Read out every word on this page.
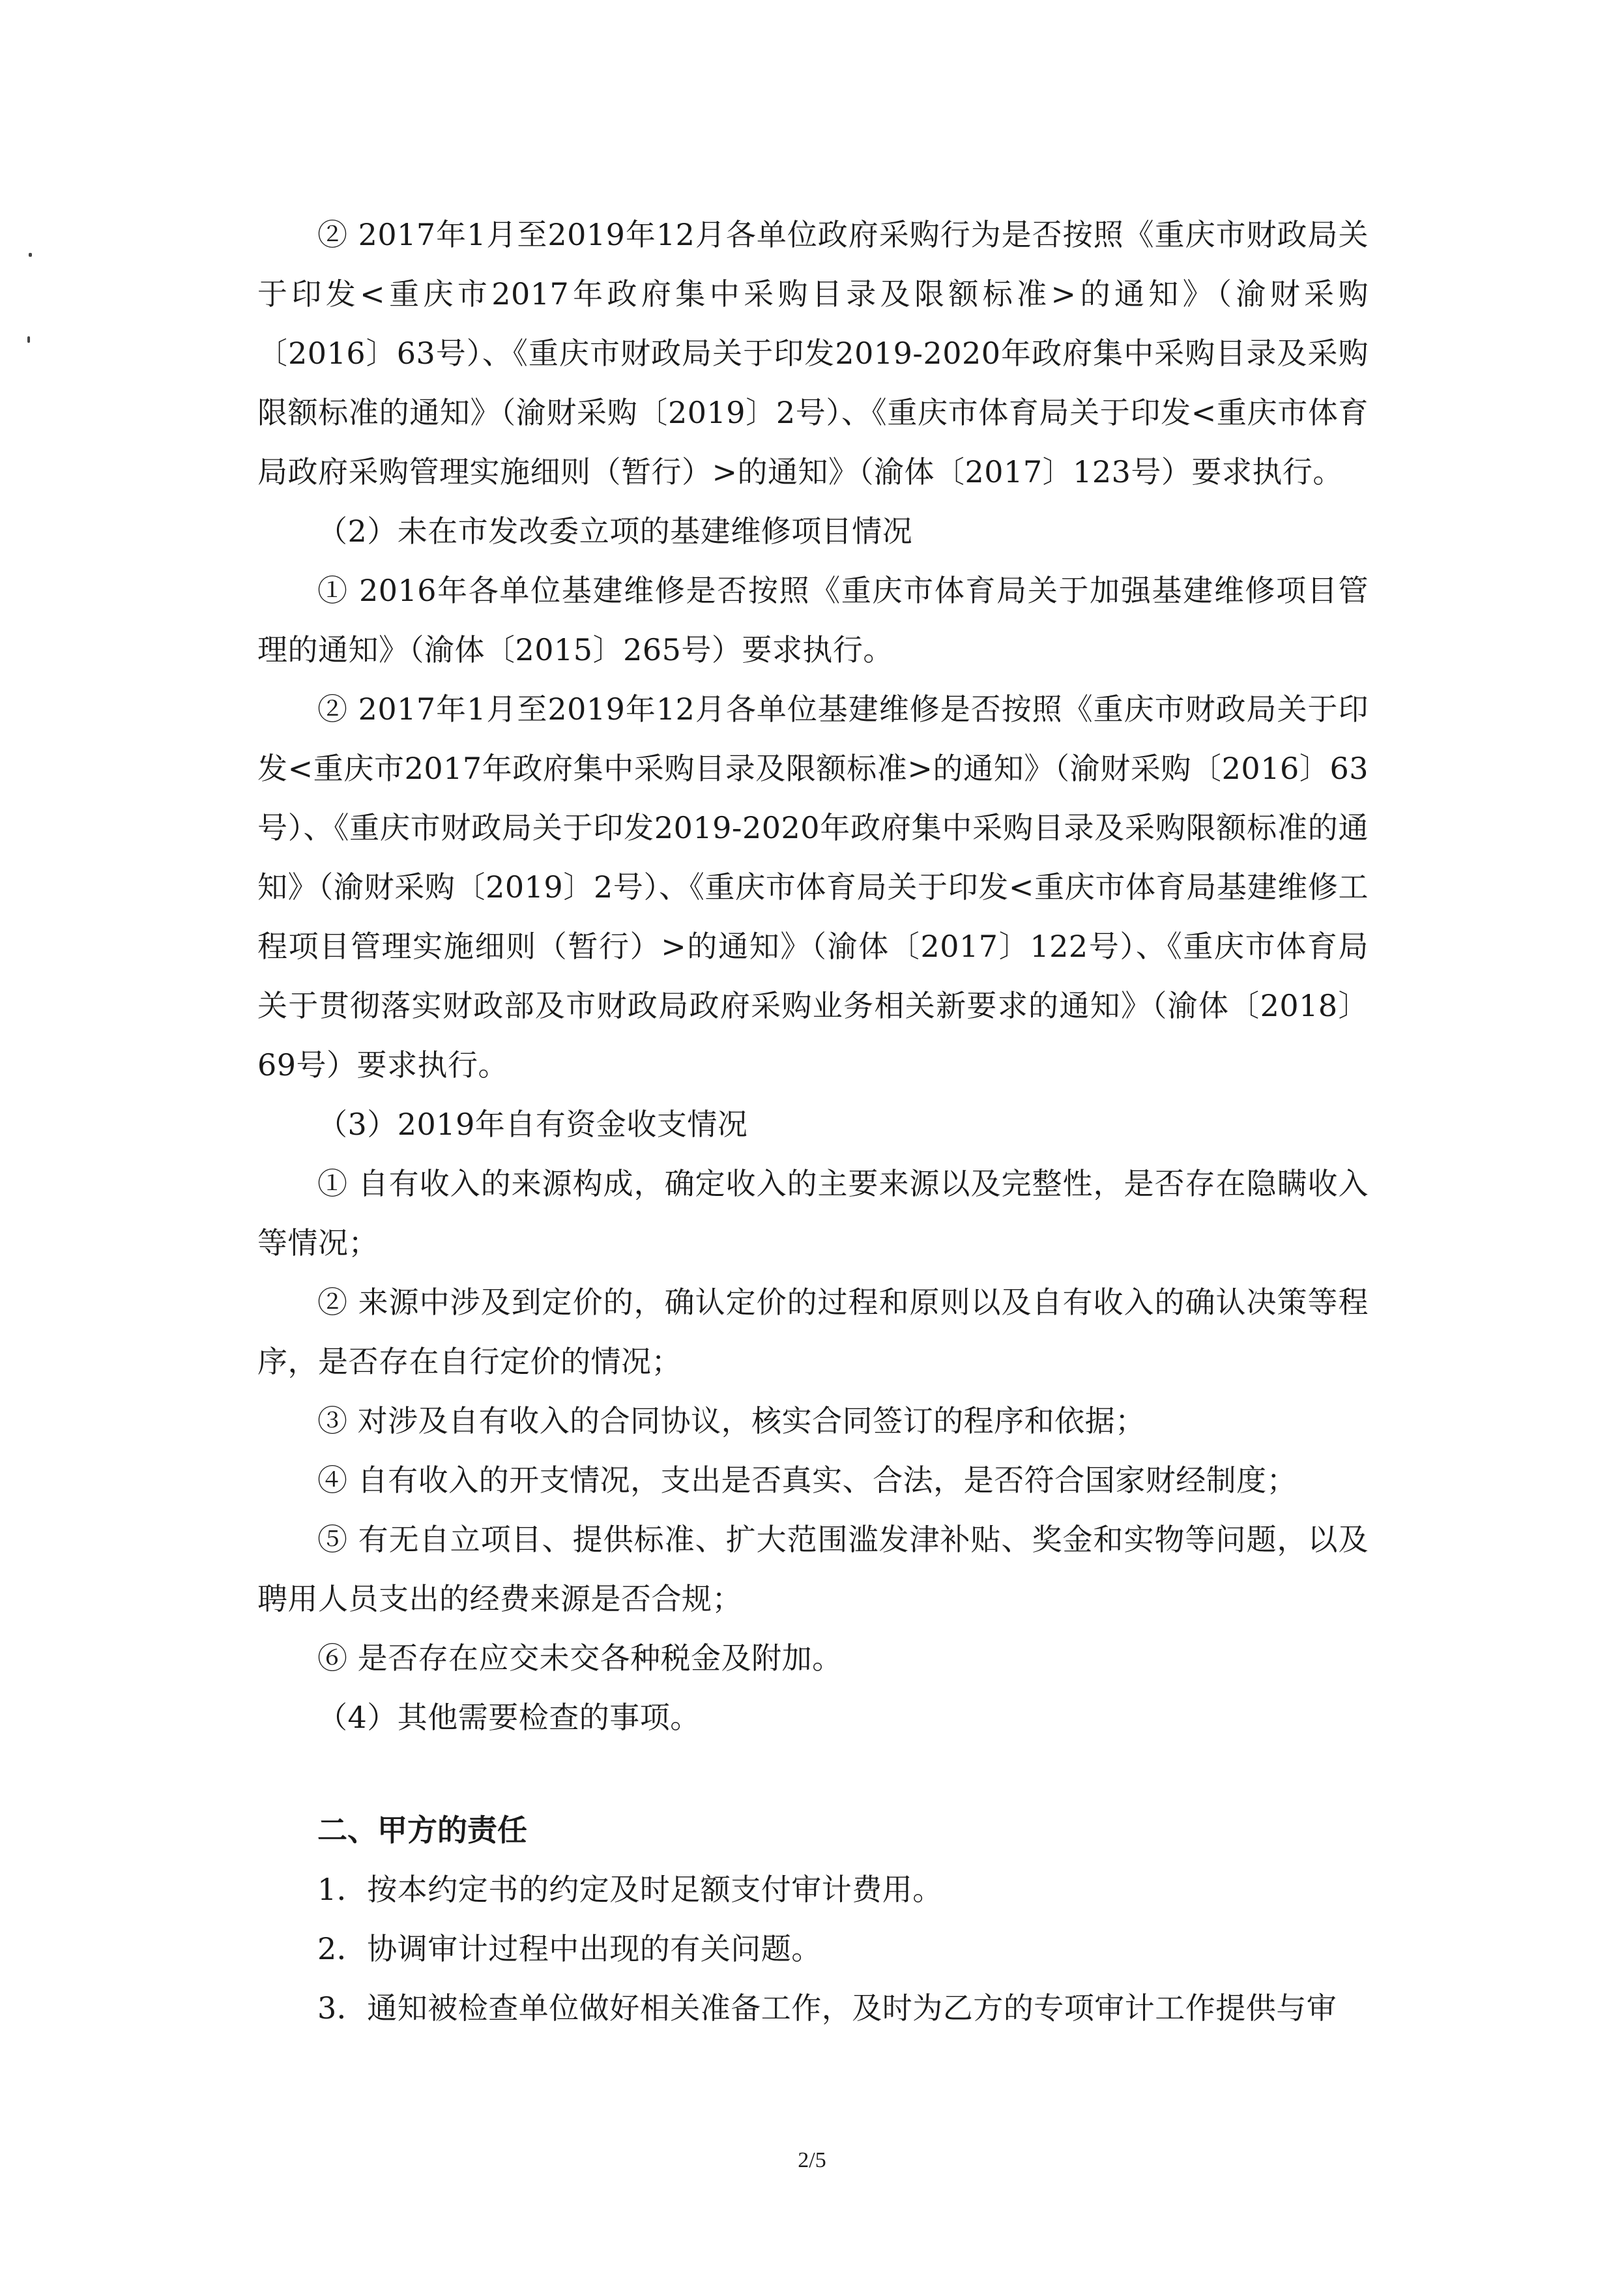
② 2017年1月至2019年12月各单位政府采购行为是否按照《重庆市财政局关于印发<重庆市2017年政府集中采购目录及限额标准>的通知》（渝财采购〔2016〕63号）、《重庆市财政局关于印发2019-2020年政府集中采购目录及采购限额标准的通知》（渝财采购〔2019〕2号）、《重庆市体育局关于印发<重庆市体育局政府采购管理实施细则（暂行）>的通知》（渝体〔2017〕123号）要求执行。

（2）未在市发改委立项的基建维修项目情况

① 2016年各单位基建维修是否按照《重庆市体育局关于加强基建维修项目管理的通知》（渝体〔2015〕265号）要求执行。

② 2017年1月至2019年12月各单位基建维修是否按照《重庆市财政局关于印发<重庆市2017年政府集中采购目录及限额标准>的通知》（渝财采购〔2016〕63号）、《重庆市财政局关于印发2019-2020年政府集中采购目录及采购限额标准的通知》（渝财采购〔2019〕2号）、《重庆市体育局关于印发<重庆市体育局基建维修工程项目管理实施细则（暂行）>的通知》（渝体〔2017〕122号）、《重庆市体育局关于贯彻落实财政部及市财政局政府采购业务相关新要求的通知》（渝体〔2018〕69号）要求执行。

（3）2019年自有资金收支情况

① 自有收入的来源构成，确定收入的主要来源以及完整性，是否存在隐瞒收入等情况；

② 来源中涉及到定价的，确认定价的过程和原则以及自有收入的确认决策等程序，是否存在自行定价的情况；

③ 对涉及自有收入的合同协议，核实合同签订的程序和依据；

④ 自有收入的开支情况，支出是否真实、合法，是否符合国家财经制度；

⑤ 有无自立项目、提供标准、扩大范围滥发津补贴、奖金和实物等问题，以及聘用人员支出的经费来源是否合规；

⑥ 是否存在应交未交各种税金及附加。

（4）其他需要检查的事项。

二、甲方的责任

1．按本约定书的约定及时足额支付审计费用。

2．协调审计过程中出现的有关问题。

3．通知被检查单位做好相关准备工作，及时为乙方的专项审计工作提供与审

2/5
